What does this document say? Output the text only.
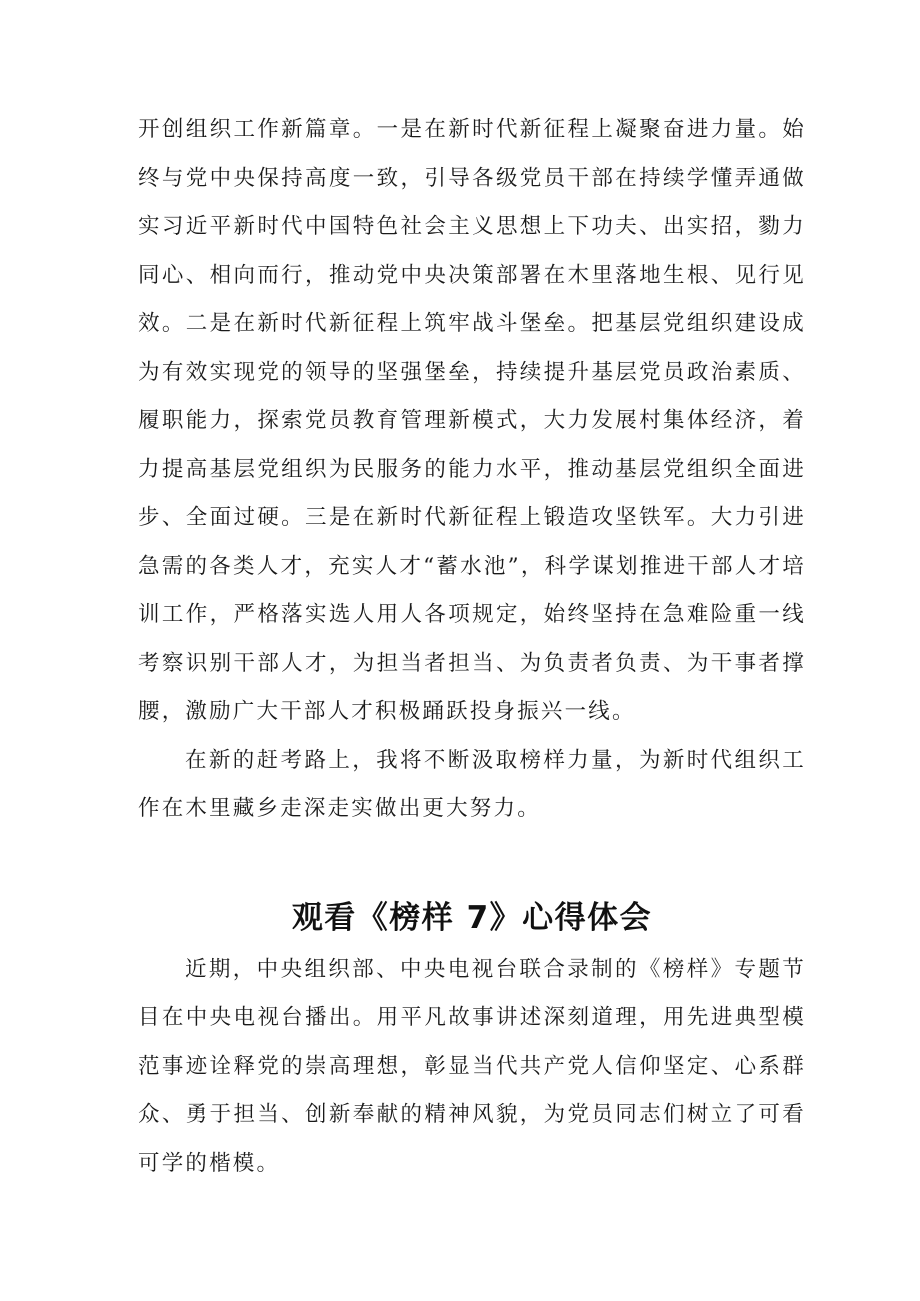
开创组织工作新篇章。一是在新时代新征程上凝聚奋进力量。始终与党中央保持高度一致，引导各级党员干部在持续学懂弄通做实习近平新时代中国特色社会主义思想上下功夫、出实招，勠力同心、相向而行，推动党中央决策部署在木里落地生根、见行见效。二是在新时代新征程上筑牢战斗堡垒。把基层党组织建设成为有效实现党的领导的坚强堡垒，持续提升基层党员政治素质、履职能力，探索党员教育管理新模式，大力发展村集体经济，着力提高基层党组织为民服务的能力水平，推动基层党组织全面进步、全面过硬。三是在新时代新征程上锻造攻坚铁军。大力引进急需的各类人才，充实人才“蓄水池”，科学谋划推进干部人才培训工作，严格落实选人用人各项规定，始终坚持在急难险重一线考察识别干部人才，为担当者担当、为负责者负责、为干事者撑腰，激励广大干部人才积极踊跃投身振兴一线。

在新的赶考路上，我将不断汲取榜样力量，为新时代组织工作在木里藏乡走深走实做出更大努力。

观看《榜样 7》心得体会

近期，中央组织部、中央电视台联合录制的《榜样》专题节目在中央电视台播出。用平凡故事讲述深刻道理，用先进典型模范事迹诠释党的崇高理想，彰显当代共产党人信仰坚定、心系群众、勇于担当、创新奉献的精神风貌，为党员同志们树立了可看可学的楷模。
